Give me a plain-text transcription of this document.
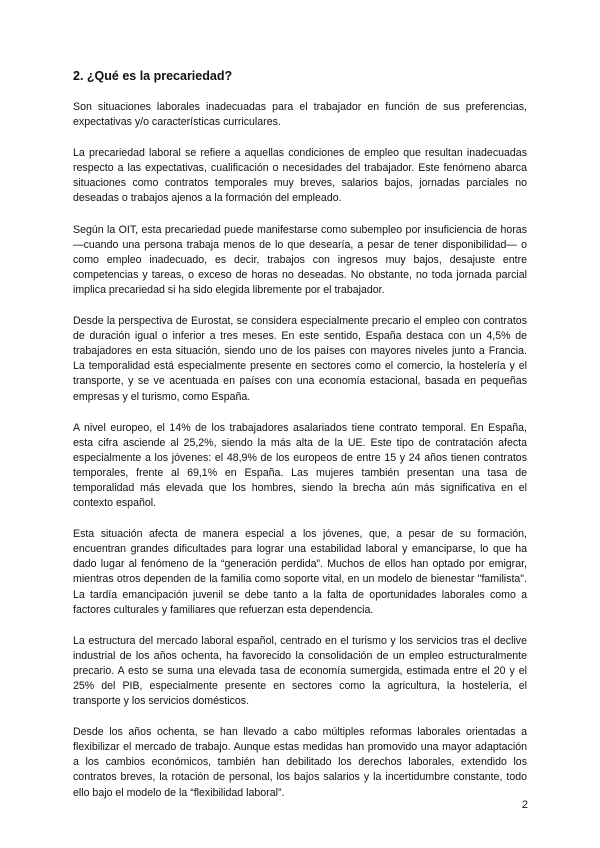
2. ¿Qué es la precariedad?

Son situaciones laborales inadecuadas para el trabajador en función de sus preferencias, expectativas y/o características curriculares.

La precariedad laboral se refiere a aquellas condiciones de empleo que resultan inadecuadas respecto a las expectativas, cualificación o necesidades del trabajador. Este fenómeno abarca situaciones como contratos temporales muy breves, salarios bajos, jornadas parciales no deseadas o trabajos ajenos a la formación del empleado.

Según la OIT, esta precariedad puede manifestarse como subempleo por insuficiencia de horas —cuando una persona trabaja menos de lo que desearía, a pesar de tener disponibilidad— o como empleo inadecuado, es decir, trabajos con ingresos muy bajos, desajuste entre competencias y tareas, o exceso de horas no deseadas. No obstante, no toda jornada parcial implica precariedad si ha sido elegida libremente por el trabajador.

Desde la perspectiva de Eurostat, se considera especialmente precario el empleo con contratos de duración igual o inferior a tres meses. En este sentido, España destaca con un 4,5% de trabajadores en esta situación, siendo uno de los países con mayores niveles junto a Francia. La temporalidad está especialmente presente en sectores como el comercio, la hostelería y el transporte, y se ve acentuada en países con una economía estacional, basada en pequeñas empresas y el turismo, como España.

A nivel europeo, el 14% de los trabajadores asalariados tiene contrato temporal. En España, esta cifra asciende al 25,2%, siendo la más alta de la UE. Este tipo de contratación afecta especialmente a los jóvenes: el 48,9% de los europeos de entre 15 y 24 años tienen contratos temporales, frente al 69,1% en España. Las mujeres también presentan una tasa de temporalidad más elevada que los hombres, siendo la brecha aún más significativa en el contexto español.

Esta situación afecta de manera especial a los jóvenes, que, a pesar de su formación, encuentran grandes dificultades para lograr una estabilidad laboral y emanciparse, lo que ha dado lugar al fenómeno de la “generación perdida”. Muchos de ellos han optado por emigrar, mientras otros dependen de la familia como soporte vital, en un modelo de bienestar "familista". La tardía emancipación juvenil se debe tanto a la falta de oportunidades laborales como a factores culturales y familiares que refuerzan esta dependencia.

La estructura del mercado laboral español, centrado en el turismo y los servicios tras el declive industrial de los años ochenta, ha favorecido la consolidación de un empleo estructuralmente precario. A esto se suma una elevada tasa de economía sumergida, estimada entre el 20 y el 25% del PIB, especialmente presente en sectores como la agricultura, la hostelería, el transporte y los servicios domésticos.

Desde los años ochenta, se han llevado a cabo múltiples reformas laborales orientadas a flexibilizar el mercado de trabajo. Aunque estas medidas han promovido una mayor adaptación a los cambios económicos, también han debilitado los derechos laborales, extendido los contratos breves, la rotación de personal, los bajos salarios y la incertidumbre constante, todo ello bajo el modelo de la “flexibilidad laboral”.

2
